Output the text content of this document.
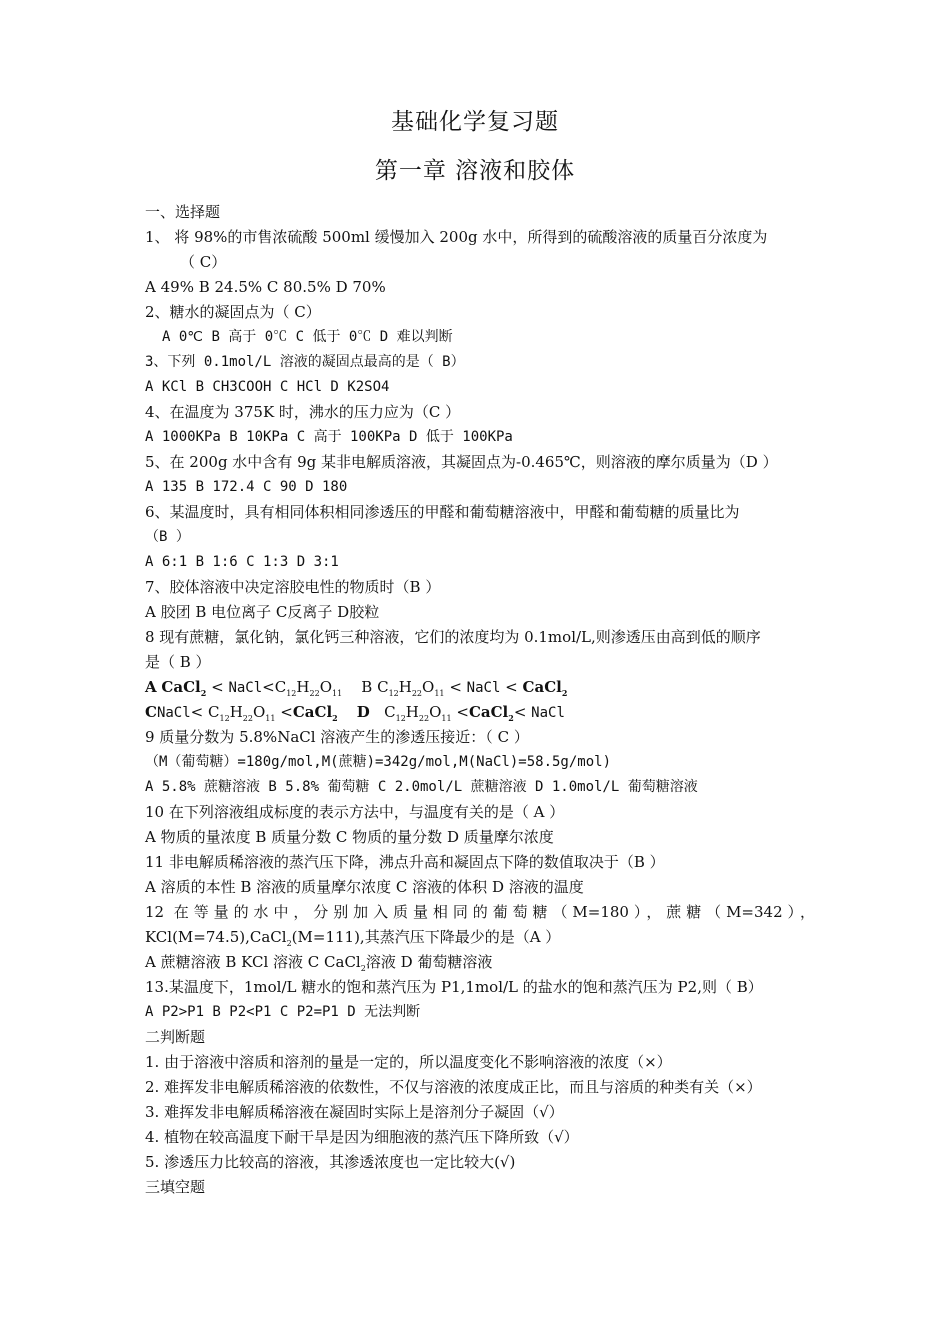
基础化学复习题
第一章 溶液和胶体
一、选择题
1、 将 98%的市售浓硫酸 500ml 缓慢加入 200g 水中，所得到的硫酸溶液的质量百分浓度为
（ C）
A 49% B 24.5% C 80.5% D 70%
2、糖水的凝固点为（ C）
A 0℃ B 高于 0℃ C 低于 0℃ D 难以判断
3、下列 0.1mol/L 溶液的凝固点最高的是（ B）
A KCl B CH3COOH C HCl D K2SO4
4、在温度为 375K 时，沸水的压力应为（C ）
A 1000KPa B 10KPa C 高于 100KPa D 低于 100KPa
5、在 200g 水中含有 9g 某非电解质溶液，其凝固点为-0.465℃，则溶液的摩尔质量为（D ）
A 135 B 172.4 C 90 D 180
6、某温度时，具有相同体积相同渗透压的甲醛和葡萄糖溶液中，甲醛和葡萄糖的质量比为
（B ）
A 6:1 B 1:6 C 1:3 D 3:1
7、胶体溶液中决定溶胶电性的物质时（B ）
A 胶团 B 电位离子 C反离子 D胶粒
8 现有蔗糖，氯化钠，氯化钙三种溶液，它们的浓度均为 0.1mol/L,则渗透压由高到低的顺序
是（ B ）
A CaCl$_2$ < $NaCl<C_{12}H_{22}O_{11}$ B $C_{12}H_{22}O_{11}$ < NaCl < CaCl$_2$
CNaCl< $C_{12}H_{22}O_{11}$ <CaCl$_2$ D $C_{12}H_{22}O_{11}$ <CaCl$_2$< NaCl
9 质量分数为 5.8%NaCl 溶液产生的渗透压接近：（ C ）
（M（葡萄糖）=180g/mol,M(蔗糖)=342g/mol,M(NaCl)=58.5g/mol)
A 5.8% 蔗糖溶液 B 5.8% 葡萄糖 C 2.0mol/L 蔗糖溶液 D 1.0mol/L 葡萄糖溶液
10 在下列溶液组成标度的表示方法中，与温度有关的是（ A ）
A 物质的量浓度 B 质量分数 C 物质的量分数 D 质量摩尔浓度
11 非电解质稀溶液的蒸汽压下降，沸点升高和凝固点下降的数值取决于（B ）
A 溶质的本性 B 溶液的质量摩尔浓度 C 溶液的体积 D 溶液的温度
12 在等量的水中，分别加入质量相同的葡萄糖（M=180），蔗糖（M=342），
KCl(M=74.5),CaCl$_2$(M=111),其蒸汽压下降最少的是（A ）
A 蔗糖溶液 B KCl 溶液 C CaCl$_2$溶液 D 葡萄糖溶液
13.某温度下，1mol/L 糖水的饱和蒸汽压为 P1,1mol/L 的盐水的饱和蒸汽压为 P2,则（ B）
A P2>P1 B P2<P1 C P2=P1 D 无法判断
二判断题
1. 由于溶液中溶质和溶剂的量是一定的，所以温度变化不影响溶液的浓度（×）
2. 难挥发非电解质稀溶液的依数性，不仅与溶液的浓度成正比，而且与溶质的种类有关（×）
3. 难挥发非电解质稀溶液在凝固时实际上是溶剂分子凝固（√）
4. 植物在较高温度下耐干旱是因为细胞液的蒸汽压下降所致（√）
5. 渗透压力比较高的溶液，其渗透浓度也一定比较大(√)
三填空题
